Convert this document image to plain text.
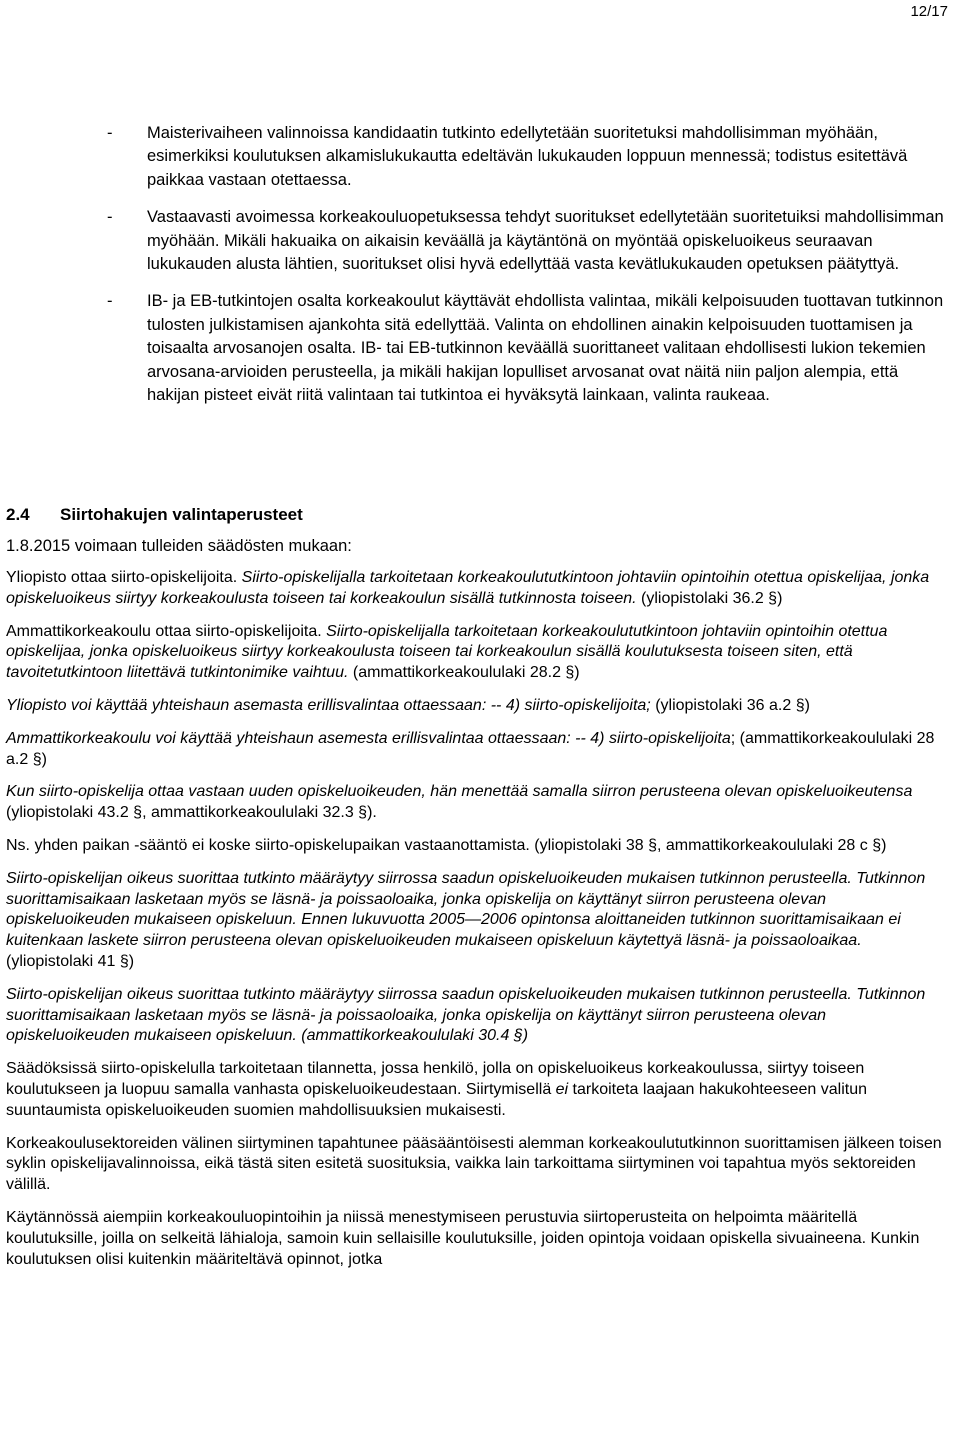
12/17
-	Maisterivaiheen valinnoissa kandidaatin tutkinto edellytetään suoritetuksi mahdollisimman myöhään, esimerkiksi koulutuksen alkamislukukautta edeltävän lukukauden loppuun mennessä; todistus esitettävä paikkaa vastaan otettaessa.
-	Vastaavasti avoimessa korkeakouluopetuksessa tehdyt suoritukset edellytetään suoritetuiksi mahdollisimman myöhään. Mikäli hakuaika on aikaisin keväällä ja käytäntönä on myöntää opiskeluoikeus seuraavan lukukauden alusta lähtien, suoritukset olisi hyvä edellyttää vasta kevätlukukauden opetuksen päätyttyä.
-	IB- ja EB-tutkintojen osalta korkeakoulut käyttävät ehdollista valintaa, mikäli kelpoisuuden tuottavan tutkinnon tulosten julkistamisen ajankohta sitä edellyttää. Valinta on ehdollinen ainakin kelpoisuuden tuottamisen ja toisaalta arvosanojen osalta. IB- tai EB-tutkinnon keväällä suorittaneet valitaan ehdollisesti lukion tekemien arvosana-arvioiden perusteella, ja mikäli hakijan lopulliset arvosanat ovat näitä niin paljon alempia, että hakijan pisteet eivät riitä valintaan tai tutkintoa ei hyväksytä lainkaan, valinta raukeaa.
2.4 Siirtohakujen valintaperusteet
1.8.2015 voimaan tulleiden säädösten mukaan:

Yliopisto ottaa siirto-opiskelijoita. Siirto-opiskelijalla tarkoitetaan korkeakoulututkintoon johtaviin opintoihin otettua opiskelijaa, jonka opiskeluoikeus siirtyy korkeakoulusta toiseen tai korkeakoulun sisällä tutkinnosta toiseen. (yliopistolaki 36.2 §)

Ammattikorkeakoulu ottaa siirto-opiskelijoita. Siirto-opiskelijalla tarkoitetaan korkeakoulututkintoon johtaviin opintoihin otettua opiskelijaa, jonka opiskeluoikeus siirtyy korkeakoulusta toiseen tai korkeakoulun sisällä koulutuksesta toiseen siten, että tavoitetutkintoon liitettävä tutkintonimike vaihtuu. (ammattikorkeakoululaki 28.2 §)

Yliopisto voi käyttää yhteishaun asemasta erillisvalintaa ottaessaan: -- 4) siirto-opiskelijoita; (yliopistolaki 36 a.2 §)

Ammattikorkeakoulu voi käyttää yhteishaun asemesta erillisvalintaa ottaessaan: -- 4) siirto-opiskelijoita; (ammattikorkeakoululaki 28 a.2 §)

Kun siirto-opiskelija ottaa vastaan uuden opiskeluoikeuden, hän menettää samalla siirron perusteena olevan opiskeluoikeutensa (yliopistolaki 43.2 §, ammattikorkeakoululaki 32.3 §).

Ns. yhden paikan -sääntö ei koske siirto-opiskelupaikan vastaanottamista. (yliopistolaki 38 §, ammattikorkeakoululaki 28 c §)

Siirto-opiskelijan oikeus suorittaa tutkinto määräytyy siirrossa saadun opiskeluoikeuden mukaisen tutkinnon perusteella. Tutkinnon suorittamisaikaan lasketaan myös se läsnä- ja poissaoloaika, jonka opiskelija on käyttänyt siirron perusteena olevan opiskeluoikeuden mukaiseen opiskeluun. Ennen lukuvuotta 2005—2006 opintonsa aloittaneiden tutkinnon suorittamisaikaan ei kuitenkaan laskete siirron perusteena olevan opiskeluoikeuden mukaiseen opiskeluun käytettyä läsnä- ja poissaoloaikaa. (yliopistolaki 41 §)

Siirto-opiskelijan oikeus suorittaa tutkinto määräytyy siirrossa saadun opiskeluoikeuden mukaisen tutkinnon perusteella. Tutkinnon suorittamisaikaan lasketaan myös se läsnä- ja poissaoloaika, jonka opiskelija on käyttänyt siirron perusteena olevan opiskeluoikeuden mukaiseen opiskeluun. (ammattikorkeakoululaki 30.4 §)

Säädöksissä siirto-opiskelulla tarkoitetaan tilannetta, jossa henkilö, jolla on opiskeluoikeus korkeakoulussa, siirtyy toiseen koulutukseen ja luopuu samalla vanhasta opiskeluoikeudestaan. Siirtymisellä ei tarkoiteta laajaan hakukohteeseen valitun suuntaumista opiskeluoikeuden suomien mahdollisuuksien mukaisesti.

Korkeakoulusektoreiden välinen siirtyminen tapahtunee pääsääntöisesti alemman korkeakoulututkinnon suorittamisen jälkeen toisen syklin opiskelijavalinnoissa, eikä tästä siten esitetä suosituksia, vaikka lain tarkoittama siirtyminen voi tapahtua myös sektoreiden välillä.

Käytännössä aiempiin korkeakouluopintoihin ja niissä menestymiseen perustuvia siirtoperusteita on helpoimta määritellä koulutuksille, joilla on selkeitä lähialoja, samoin kuin sellaisille koulutuksille, joiden opintoja voidaan opiskella sivuaineena. Kunkin koulutuksen olisi kuitenkin määriteltävä opinnot, jotka
